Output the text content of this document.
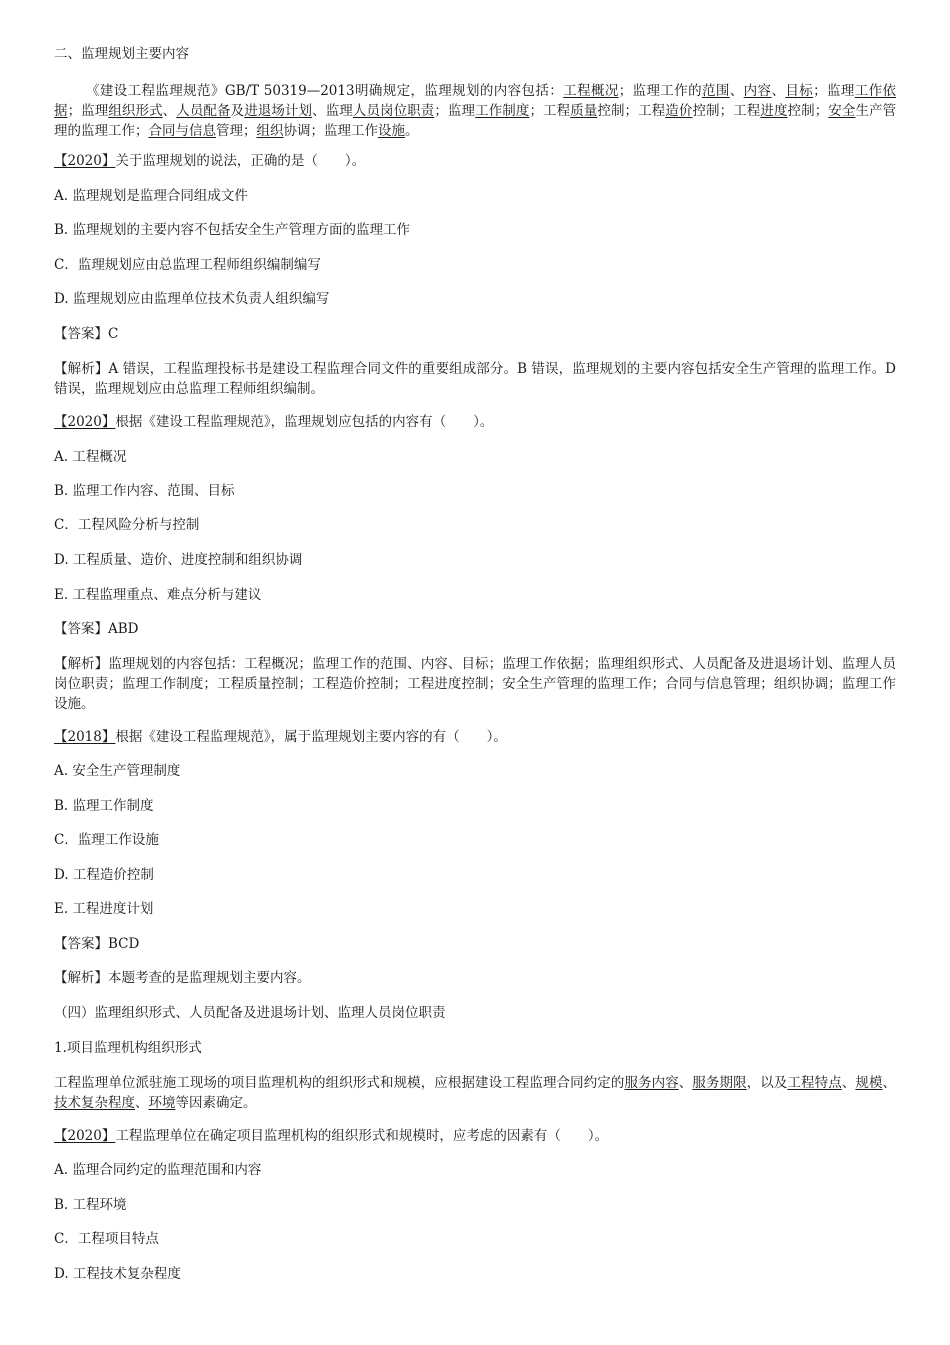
二、监理规划主要内容
《建设工程监理规范》GB/T 50319—2013明确规定，监理规划的内容包括：工程概况；监理工作的范围、内容、目标；监理工作依据；监理组织形式、人员配备及进退场计划、监理人员岗位职责；监理工作制度；工程质量控制；工程造价控制；工程进度控制；安全生产管理的监理工作；合同与信息管理；组织协调；监理工作设施。
【2020】关于监理规划的说法，正确的是（　　）。
A. 监理规划是监理合同组成文件
B. 监理规划的主要内容不包括安全生产管理方面的监理工作
C．监理规划应由总监理工程师组织编制编写
D. 监理规划应由监理单位技术负责人组织编写
【答案】C
【解析】A 错误，工程监理投标书是建设工程监理合同文件的重要组成部分。B 错误，监理规划的主要内容包括安全生产管理的监理工作。D 错误，监理规划应由总监理工程师组织编制。
【2020】根据《建设工程监理规范》，监理规划应包括的内容有（　　）。
A. 工程概况
B. 监理工作内容、范围、目标
C．工程风险分析与控制
D. 工程质量、造价、进度控制和组织协调
E. 工程监理重点、难点分析与建议
【答案】ABD
【解析】监理规划的内容包括：工程概况；监理工作的范围、内容、目标；监理工作依据；监理组织形式、人员配备及进退场计划、监理人员岗位职责；监理工作制度；工程质量控制；工程造价控制；工程进度控制；安全生产管理的监理工作；合同与信息管理；组织协调；监理工作设施。
【2018】根据《建设工程监理规范》，属于监理规划主要内容的有（　　）。
A. 安全生产管理制度
B. 监理工作制度
C．监理工作设施
D. 工程造价控制
E. 工程进度计划
【答案】BCD
【解析】本题考查的是监理规划主要内容。
（四）监理组织形式、人员配备及进退场计划、监理人员岗位职责
1.项目监理机构组织形式
工程监理单位派驻施工现场的项目监理机构的组织形式和规模，应根据建设工程监理合同约定的服务内容、服务期限，以及工程特点、规模、技术复杂程度、环境等因素确定。
【2020】工程监理单位在确定项目监理机构的组织形式和规模时，应考虑的因素有（　　）。
A. 监理合同约定的监理范围和内容
B. 工程环境
C．工程项目特点
D. 工程技术复杂程度
